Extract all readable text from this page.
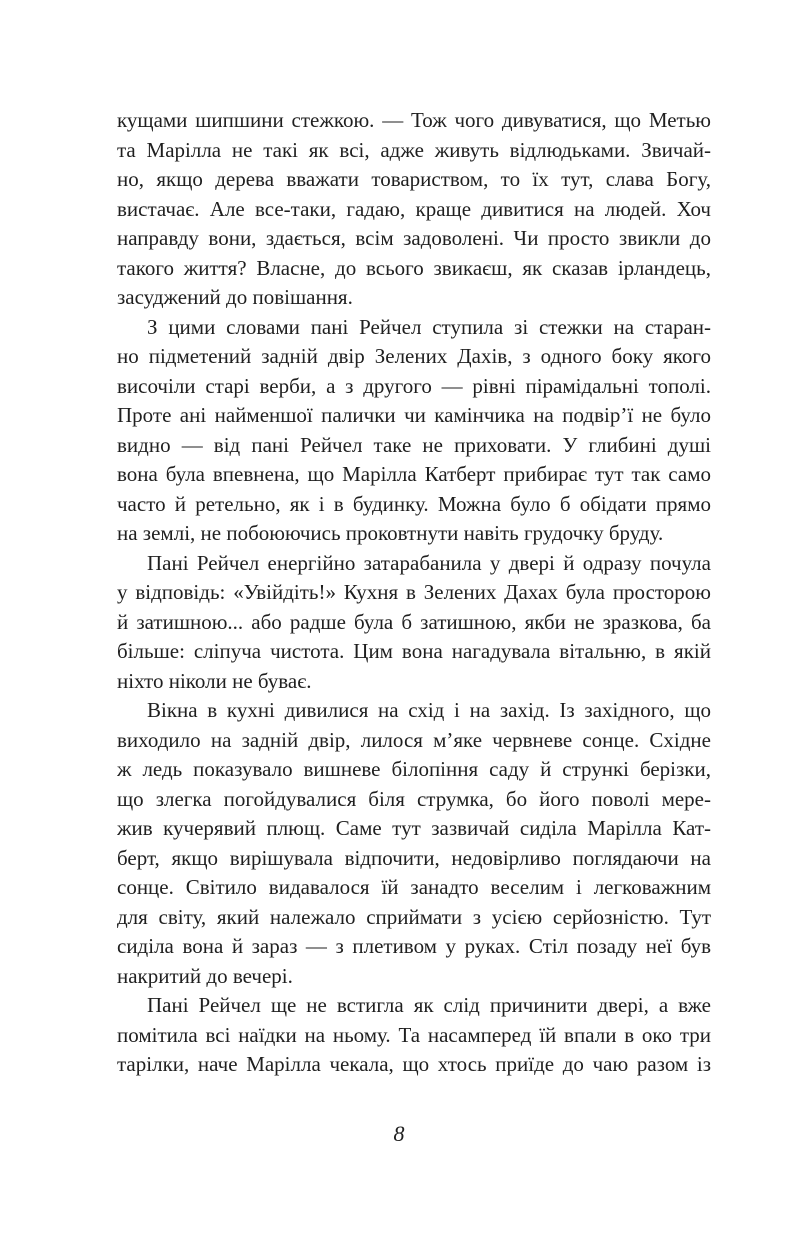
кущами шипшини стежкою. — Тож чого дивуватися, що Метью
та Марілла не такі як всі, адже живуть відлюдьками. Звичай-
но, якщо дерева вважати товариством, то їх тут, слава Богу,
вистачає. Але все-таки, гадаю, краще дивитися на людей. Хоч
направду вони, здається, всім задоволені. Чи просто звикли до
такого життя? Власне, до всього звикаєш, як сказав ірландець,
засуджений до повішання.
З цими словами пані Рейчел ступила зі стежки на старан-
но підметений задній двір Зелених Дахів, з одного боку якого
височіли старі верби, а з другого — рівні пірамідальні тополі.
Проте ані найменшої палички чи камінчика на подвір’ї не було
видно — від пані Рейчел таке не приховати. У глибині душі
вона була впевнена, що Марілла Катберт прибирає тут так само
часто й ретельно, як і в будинку. Можна було б обідати прямо
на землі, не побоюючись проковтнути навіть грудочку бруду.
Пані Рейчел енергійно затарабанила у двері й одразу почула
у відповідь: «Увійдіть!» Кухня в Зелених Дахах була просторою
й затишною... або радше була б затишною, якби не зразкова, ба
більше: сліпуча чистота. Цим вона нагадувала вітальню, в якій
ніхто ніколи не буває.
Вікна в кухні дивилися на схід і на захід. Із західного, що
виходило на задній двір, лилося м’яке червневе сонце. Східне
ж ледь показувало вишневе білопіння саду й стрункі берізки,
що злегка погойдувалися біля струмка, бо його поволі мере-
жив кучерявий плющ. Саме тут зазвичай сиділа Марілла Кат-
берт, якщо вирішувала відпочити, недовірливо поглядаючи на
сонце. Світило видавалося їй занадто веселим і легковажним
для світу, який належало сприймати з усією серйозністю. Тут
сиділа вона й зараз — з плетивом у руках. Стіл позаду неї був
накритий до вечері.
Пані Рейчел ще не встигла як слід причинити двері, а вже
помітила всі наїдки на ньому. Та насамперед їй впали в око три
тарілки, наче Марілла чекала, що хтось приїде до чаю разом із
8
